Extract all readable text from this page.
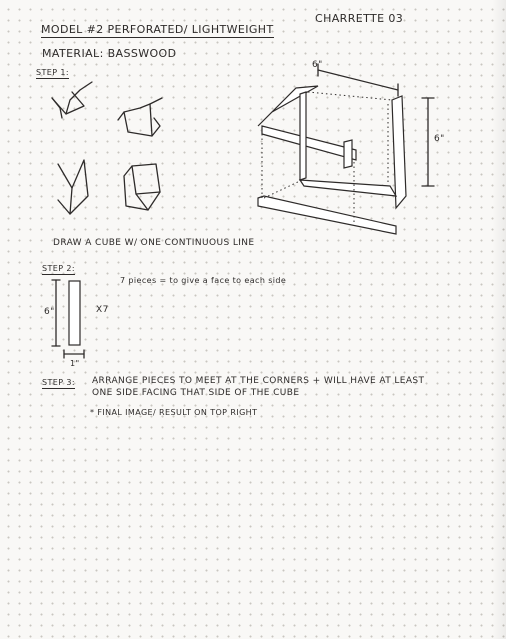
CHARRETTE 03

MODEL #2 PERFORATED/ LIGHTWEIGHT

MATERIAL: BASSWOOD

STEP 1:

6"

6"

DRAW A CUBE W/ ONE CONTINUOUS LINE

STEP 2:

7 pieces = to give a face to each side

6"	X7

1"

STEP 3: ARRANGE PIECES TO MEET AT THE CORNERS + WILL HAVE AT LEAST

ONE SIDE FACING THAT SIDE OF THE CUBE

* FINAL IMAGE/ RESULT ON TOP RIGHT
